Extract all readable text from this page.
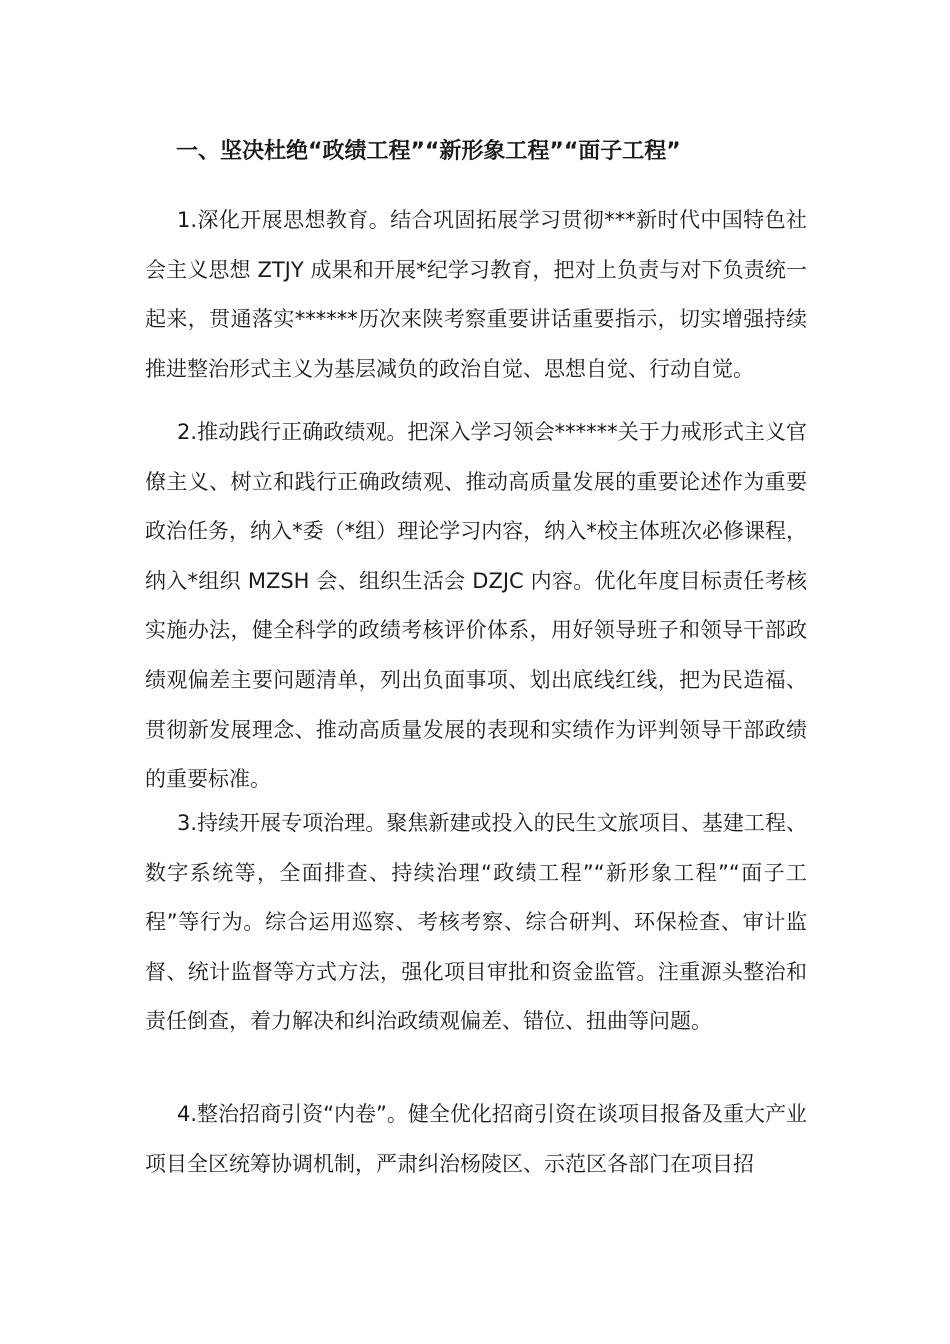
一、坚决杜绝“政绩工程”“新形象工程”“面子工程”

1.深化开展思想教育。结合巩固拓展学习贯彻***新时代中国特色社会主义思想 ZTJY 成果和开展*纪学习教育，把对上负责与对下负责统一起来，贯通落实******历次来陕考察重要讲话重要指示，切实增强持续推进整治形式主义为基层减负的政治自觉、思想自觉、行动自觉。

2.推动践行正确政绩观。把深入学习领会******关于力戒形式主义官僚主义、树立和践行正确政绩观、推动高质量发展的重要论述作为重要政治任务，纳入*委（*组）理论学习内容，纳入*校主体班次必修课程，纳入*组织 MZSH 会、组织生活会 DZJC 内容。优化年度目标责任考核实施办法，健全科学的政绩考核评价体系，用好领导班子和领导干部政绩观偏差主要问题清单，列出负面事项、划出底线红线，把为民造福、贯彻新发展理念、推动高质量发展的表现和实绩作为评判领导干部政绩的重要标准。

3.持续开展专项治理。聚焦新建或投入的民生文旅项目、基建工程、数字系统等，全面排查、持续治理“政绩工程”“新形象工程”“面子工程”等行为。综合运用巡察、考核考察、综合研判、环保检查、审计监督、统计监督等方式方法，强化项目审批和资金监管。注重源头整治和责任倒查，着力解决和纠治政绩观偏差、错位、扭曲等问题。

4.整治招商引资“内卷”。健全优化招商引资在谈项目报备及重大产业项目全区统筹协调机制，严肃纠治杨陵区、示范区各部门在项目招
